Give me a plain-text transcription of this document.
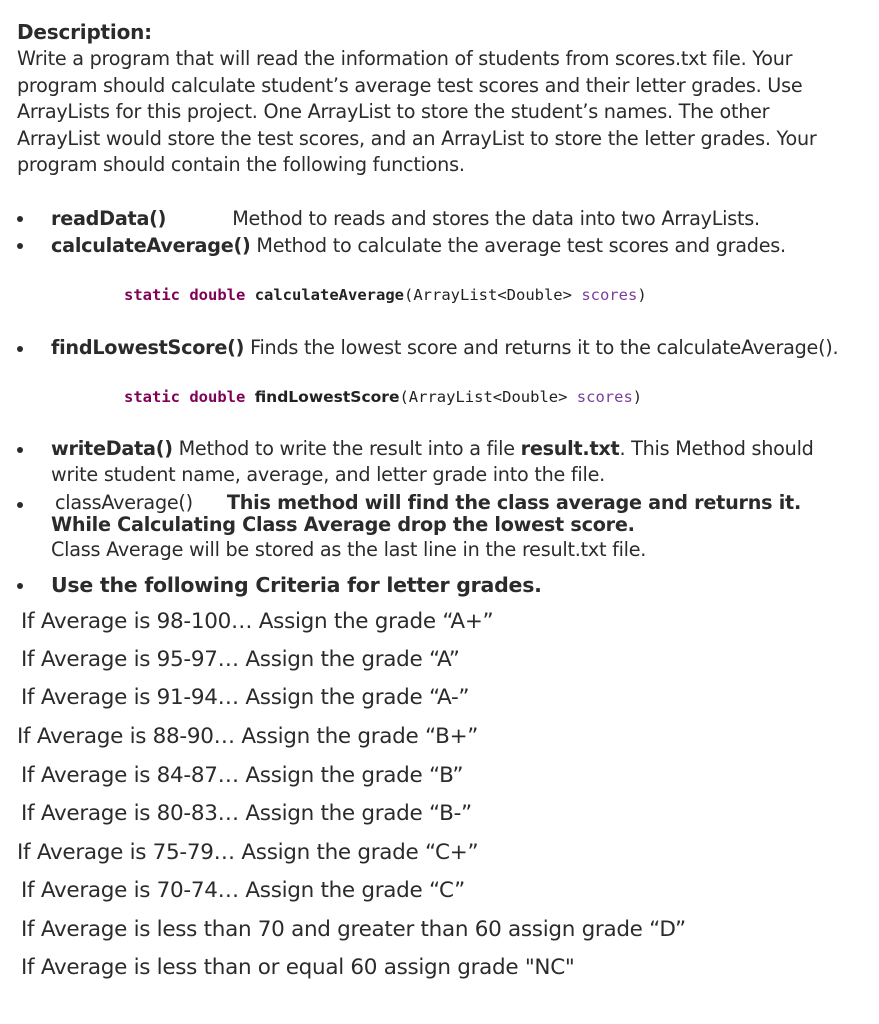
Description:
Write a program that will read the information of students from scores.txt file. Your
program should calculate student’s average test scores and their letter grades. Use
ArrayLists for this project. One ArrayList to store the student’s names. The other
ArrayList would store the test scores, and an ArrayList to store the letter grades. Your
program should contain the following functions.
readData()	Method to reads and stores the data into two ArrayLists.
calculateAverage() Method to calculate the average test scores and grades.
static double calculateAverage(ArrayList<Double> scores)
findLowestScore() Finds the lowest score and returns it to the calculateAverage().
static double findLowestScore(ArrayList<Double> scores)
writeData() Method to write the result into a file result.txt. This Method should
write student name, average, and letter grade into the file.
classAverage() This method will find the class average and returns it.
While Calculating Class Average drop the lowest score.
Class Average will be stored as the last line in the result.txt file.
Use the following Criteria for letter grades.
If Average is 98-100… Assign the grade “A+”
If Average is 95-97… Assign the grade “A”
If Average is 91-94… Assign the grade “A-”
If Average is 88-90… Assign the grade “B+”
If Average is 84-87… Assign the grade “B”
If Average is 80-83… Assign the grade “B-”
If Average is 75-79… Assign the grade “C+”
If Average is 70-74… Assign the grade “C”
If Average is less than 70 and greater than 60 assign grade “D”
If Average is less than or equal 60 assign grade "NC"
